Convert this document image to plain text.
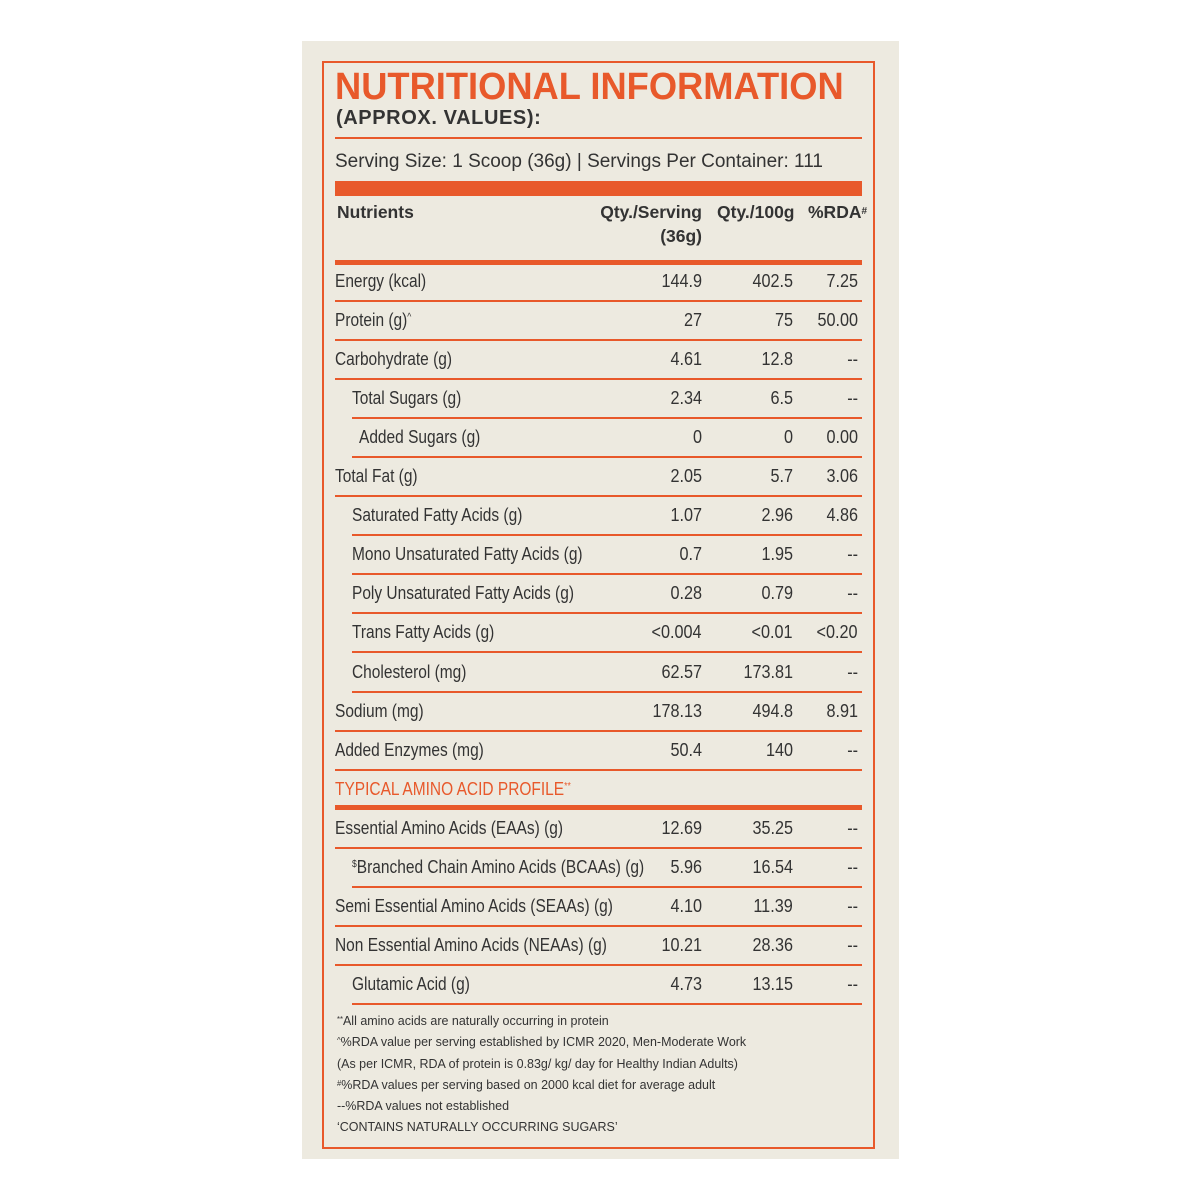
NUTRITIONAL INFORMATION
(APPROX. VALUES):
Serving Size: 1 Scoop (36g) | Servings Per Container: 111
Nutrients	Qty./Serving
(36g)
Qty./100g %RDA#
Energy (kcal)	144.9	402.5 7.25
Protein (g)^	27	75 50.00
Carbohydrate (g)	4.61	12.8	--
Total Sugars (g)	2.34	6.5	--
Added Sugars (g)	0	0 0.00
Total Fat (g)	2.05	5.7 3.06
Saturated Fatty Acids (g)	1.07	2.96 4.86
Mono Unsaturated Fatty Acids (g)	0.7	1.95	--
Poly Unsaturated Fatty Acids (g)	0.28	0.79	--
Trans Fatty Acids (g)	<0.004	<0.01 <0.20
Cholesterol (mg)	62.57 173.81	--
Sodium (mg)	178.13	494.8 8.91
Added Enzymes (mg)	50.4	140	--
TYPICAL AMINO ACID PROFILE**
Essential Amino Acids (EAAs) (g)	12.69	35.25	--
$Branched Chain Amino Acids (BCAAs) (g) 5.96	16.54	--
Semi Essential Amino Acids (SEAAs) (g)	4.10	11.39	--
Non Essential Amino Acids (NEAAs) (g)	10.21	28.36	--
Glutamic Acid (g)	4.73	13.15	--
**All amino acids are naturally occurring in protein
^%RDA value per serving established by ICMR 2020, Men-Moderate Work
(As per ICMR, RDA of protein is 0.83g/ kg/ day for Healthy Indian Adults)
#%RDA values per serving based on 2000 kcal diet for average adult
--%RDA values not established
‘CONTAINS NATURALLY OCCURRING SUGARS’
